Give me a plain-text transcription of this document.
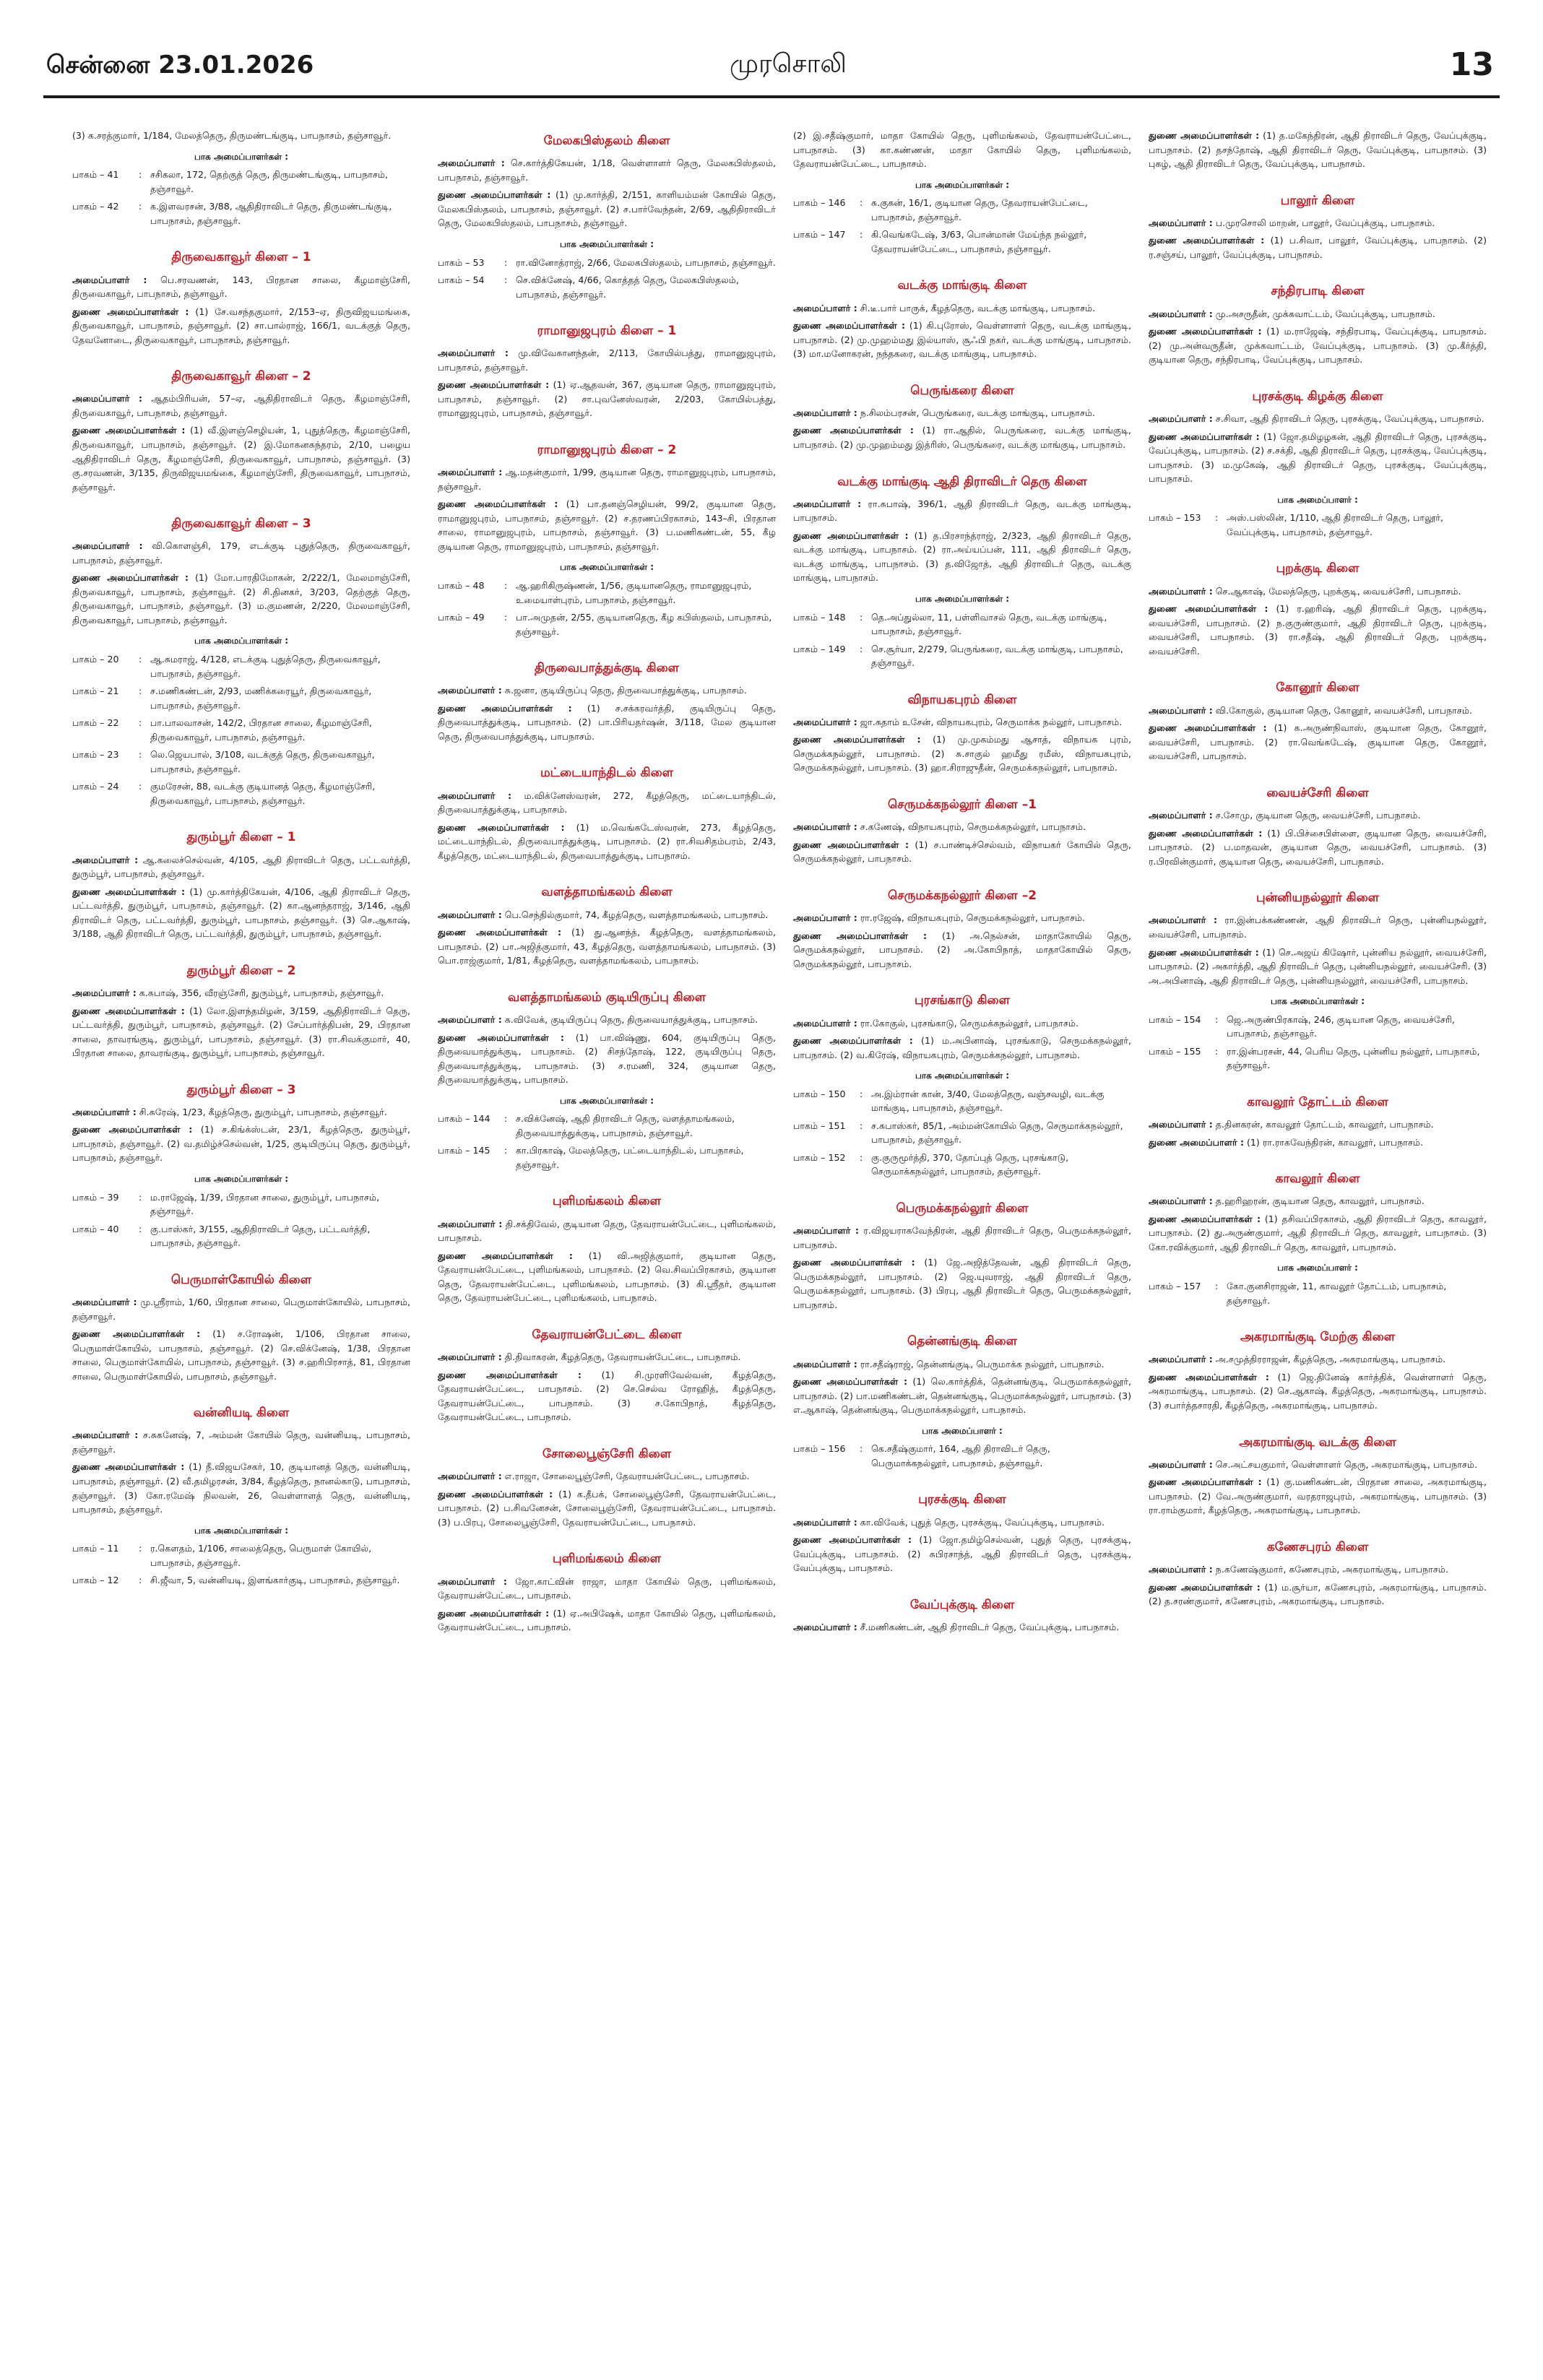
சென்னை 23.01.2026	முரசொலி	13
(3) க.சரத்குமார், 1/184, மேலத்தெரு, திருமண்டங்குடி, பாபநாசம், தஞ்சாவூர்.
பாக அமைப்பாளர்கள் :
பாகம் – 41	: சசிகலா, 172, தெற்குத் தெரு, திருமண்டங்குடி, பாபநாசம், தஞ்சாவூர்.
பாகம் – 42	: க.இளவரசன், 3/88, ஆதிதிராவிடர் தெரு, திருமண்டங்குடி, பாபநாசம், தஞ்சாவூர்.
திருவைகாவூர் கிளை – 1
அமைப்பாளர் : பெ.சரவணன், 143, பிரதான சாலை, கீழமாஞ்சேரி, திருவைகாவூர், பாபநாசம், தஞ்சாவூர்.
துணை அமைப்பாளர்கள் : (1) சே.வசந்தகுமார், 2/153–ஏ, திருவிஜயமங்கை, திருவைகாவூர், பாபநாசம், தஞ்சாவூர். (2) சா.பால்ராஜ், 166/1, வடக்குத் தெரு, தேவனோடை, திருவைகாவூர், பாபநாசம், தஞ்சாவூர்.
திருவைகாவூர் கிளை – 2
அமைப்பாளர் : ஆதம்பிரியன், 57–ஏ, ஆதிதிராவிடர் தெரு, கீழமாஞ்சேரி, திருவைகாவூர், பாபநாசம், தஞ்சாவூர்.
துணை அமைப்பாளர்கள் : (1) வீ.இளஞ்செழியன், 1, புதுத்தெரு, கீழமாஞ்சேரி, திருவைகாவூர், பாபநாசம், தஞ்சாவூர். (2) இ.மோகனசுந்தரம், 2/10, பழைய ஆதிதிராவிடர் தெரு, கீழமாஞ்சேரி, திருவைகாவூர், பாபநாசம், தஞ்சாவூர். (3) கு.சரவணன், 3/135, திருவிஜயமங்கை, கீழமாஞ்சேரி, திருவைகாவூர், பாபநாசம், தஞ்சாவூர்.
திருவைகாவூர் கிளை – 3
அமைப்பாளர் : வி.கொளஞ்சி, 179, எடக்குடி புதுத்தெரு, திருவைகாவூர், பாபநாசம், தஞ்சாவூர்.
துணை அமைப்பாளர்கள் : (1) மோ.பாரதிமோகன், 2/222/1, மேலமாஞ்சேரி, திருவைகாவூர், பாபநாசம், தஞ்சாவூர். (2) சி.தினகர், 3/203, தெற்குத் தெரு, திருவைகாவூர், பாபநாசம், தஞ்சாவூர். (3) ம.குமணன், 2/220, மேலமாஞ்சேரி, திருவைகாவூர், பாபநாசம், தஞ்சாவூர்.
பாக அமைப்பாளர்கள் :
பாகம் – 20	: ஆ.சுமராஜ், 4/128, எடக்குடி புதுத்தெரு, திருவைகாவூர், பாபநாசம், தஞ்சாவூர்.
பாகம் – 21	: ச.மணிகண்டன், 2/93, மணிக்கரையூர், திருவைகாவூர், பாபநாசம், தஞ்சாவூர்.
பாகம் – 22	: பா.பாலவாசன், 142/2, பிரதான சாலை, கீழமாஞ்சேரி, திருவைகாவூர், பாபநாசம், தஞ்சாவூர்.
பாகம் – 23	: லெ.ஜெயபால், 3/108, வடக்குத் தெரு, திருவைகாவூர், பாபநாசம், தஞ்சாவூர்.
பாகம் – 24	: குமரேசன், 88, வடக்கு குடியானத் தெரு, கீழமாஞ்சேரி, திருவைகாவூர், பாபநாசம், தஞ்சாவூர்.
துரும்பூர் கிளை – 1
அமைப்பாளர் : ஆ.கலைச்செல்வன், 4/105, ஆதி திராவிடர் தெரு, பட்டவர்த்தி, துரும்பூர், பாபநாசம், தஞ்சாவூர்.
துணை அமைப்பாளர்கள் : (1) மு.கார்த்திகேயன், 4/106, ஆதி திராவிடர் தெரு, பட்டவர்த்தி, துரும்பூர், பாபநாசம், தஞ்சாவூர். (2) கா.ஆனந்தராஜ், 3/146, ஆதி திராவிடர் தெரு, பட்டவர்த்தி, துரும்பூர், பாபநாசம், தஞ்சாவூர். (3) செ.ஆகாஷ், 3/188, ஆதி திராவிடர் தெரு, பட்டவர்த்தி, துரும்பூர், பாபநாசம், தஞ்சாவூர்.
துரும்பூர் கிளை – 2
அமைப்பாளர் : க.சுபாஷ், 356, வீரஞ்சேரி, துரும்பூர், பாபநாசம், தஞ்சாவூர்.
துணை அமைப்பாளர்கள் : (1) லோ.இளந்தமிழன், 3/159, ஆதிதிராவிடர் தெரு, பட்டவர்த்தி, துரும்பூர், பாபநாசம், தஞ்சாவூர். (2) சேப்பார்த்திபன், 29, பிரதான சாலை, தாவரங்குடி, துரும்பூர், பாபநாசம், தஞ்சாவூர். (3) ரா.சிவக்குமார், 40, பிரதான சாலை, தாவரங்குடி, துரும்பூர், பாபநாசம், தஞ்சாவூர்.
துரும்பூர் கிளை – 3
அமைப்பாளர் : சி.சுரேஷ், 1/23, கீழத்தெரு, துரும்பூர், பாபநாசம், தஞ்சாவூர்.
துணை அமைப்பாளர்கள் : (1) ச.கிங்க்ஸ்டன், 23/1, கீழத்தெரு, துரும்பூர், பாபநாசம், தஞ்சாவூர். (2) வ.தமிழ்ச்செல்வன், 1/25, குடியிருப்பு தெரு, துரும்பூர், பாபநாசம், தஞ்சாவூர்.
பாக அமைப்பாளர்கள் :
பாகம் – 39	: ம.ராஜேஷ், 1/39, பிரதான சாலை, துரும்பூர், பாபநாசம், தஞ்சாவூர்.
பாகம் – 40	: கு.பாஸ்கர், 3/155, ஆதிதிராவிடர் தெரு, பட்டவர்த்தி, பாபநாசம், தஞ்சாவூர்.
பெருமாள்கோயில் கிளை
அமைப்பாளர் : மு.ஸ்ரீராம், 1/60, பிரதான சாலை, பெருமாள்கோயில், பாபநாசம், தஞ்சாவூர்.
துணை அமைப்பாளர்கள் : (1) ச.ரோஷன், 1/106, பிரதான சாலை, பெருமாள்கோயில், பாபநாசம், தஞ்சாவூர். (2) செ.விக்னேஷ், 1/38, பிரதான சாலை, பெருமாள்கோயில், பாபநாசம், தஞ்சாவூர். (3) ச.ஹரிபிரசாத், 81, பிரதான சாலை, பெருமாள்கோயில், பாபநாசம், தஞ்சாவூர்.
வன்னியடி கிளை
அமைப்பாளர் : ச.சுகனேஷ், 7, அம்மன் கோயில் தெரு, வன்னியடி, பாபநாசம், தஞ்சாவூர்.
துணை அமைப்பாளர்கள் : (1) நீ.விஜயசேகர், 10, குடியானத் தெரு, வன்னியடி, பாபநாசம், தஞ்சாவூர். (2) வீ.தமிழரசன், 3/84, கீழத்தெரு, நானல்காடு, பாபநாசம், தஞ்சாவூர். (3) கோ.ரமேஷ் நிலவன், 26, வெள்ளாளத் தெரு, வன்னியடி, பாபநாசம், தஞ்சாவூர்.
பாக அமைப்பாளர்கள் :
பாகம் – 11	: ர.கௌதம், 1/106, சாலைத்தெரு, பெருமாள் கோயில், பாபநாசம், தஞ்சாவூர்.
பாகம் – 12	: சி.ஜீவா, 5, வன்னியடி, இளங்கார்குடி, பாபநாசம், தஞ்சாவூர்.
மேலகபிஸ்தலம் கிளை
அமைப்பாளர் : செ.கார்த்திகேயன், 1/18, வெள்ளாளர் தெரு, மேலகபிஸ்தலம், பாபநாசம், தஞ்சாவூர்.
துணை அமைப்பாளர்கள் : (1) மு.கார்த்தி, 2/151, காளியம்மன் கோயில் தெரு, மேலகபிஸ்தலம், பாபநாசம், தஞ்சாவூர். (2) ச.பார்வேந்தன், 2/69, ஆதிதிராவிடர் தெரு, மேலகபிஸ்தலம், பாபநாசம், தஞ்சாவூர்.
பாக அமைப்பாளர்கள் :
பாகம் – 53	: ரா.வினோத்ராஜ், 2/66, மேலகபிஸ்தலம், பாபநாசம், தஞ்சாவூர்.
பாகம் – 54	: செ.விக்னேஷ், 4/66, கொத்தத் தெரு, மேலகபிஸ்தலம், பாபநாசம், தஞ்சாவூர்.
ராமானுஜபுரம் கிளை – 1
அமைப்பாளர் : மு.விவேகானந்தன், 2/113, கோயில்பத்து, ராமானுஜபுரம், பாபநாசம், தஞ்சாவூர்.
துணை அமைப்பாளர்கள் : (1) ஏ.ஆதவன், 367, குடியான தெரு, ராமானுஜபுரம், பாபநாசம், தஞ்சாவூர். (2) சா.புவனேஸ்வரன், 2/203, கோயில்பத்து, ராமானுஜபுரம், பாபநாசம், தஞ்சாவூர்.
ராமானுஜபுரம் கிளை – 2
அமைப்பாளர் : ஆ.மதன்குமார், 1/99, குடியான தெரு, ராமானுஜபுரம், பாபநாசம், தஞ்சாவூர்.
துணை அமைப்பாளர்கள் : (1) பா.தனஞ்செழியன், 99/2, குடியான தெரு, ராமானுஜபுரம், பாபநாசம், தஞ்சாவூர். (2) ச.தரணப்பிரகாசம், 143–சி, பிரதான சாலை, ராமானுஜபுரம், பாபநாசம், தஞ்சாவூர். (3) ப.மணிகண்டன், 55, கீழ குடியான தெரு, ராமானுஜபுரம், பாபநாசம், தஞ்சாவூர்.
பாக அமைப்பாளர்கள் :
பாகம் – 48	: ஆ.ஹரிகிருஷ்ணன், 1/56, குடியானதெரு, ராமானுஜபுரம், உமையாள்புரம், பாபநாசம், தஞ்சாவூர்.
பாகம் – 49	: பா.அமுதன், 2/55, குடியானதெரு, கீழ கபிஸ்தலம், பாபநாசம், தஞ்சாவூர்.
திருவைபாத்துக்குடி கிளை
அமைப்பாளர் : சு.ஜனா, குடியிருப்பு தெரு, திருவைபாத்துக்குடி, பாபநாசம்.
துணை அமைப்பாளர்கள் : (1) ச.சக்கரவர்த்தி, குடியிருப்பு தெரு, திருவைபாத்துக்குடி, பாபநாசம். (2) பா.பிரியதர்ஷன், 3/118, மேல குடியான தெரு, திருவைபாத்துக்குடி, பாபநாசம்.
மட்டையாந்திடல் கிளை
அமைப்பாளர் : ம.விக்னேஸ்வரன், 272, கீழத்தெரு, மட்டையாந்திடல், திருவைபாத்துக்குடி, பாபநாசம்.
துணை அமைப்பாளர்கள் : (1) ம.வெங்கடேஸ்வரன், 273, கீழத்தெரு, மட்டையாந்திடல், திருவைபாத்துக்குடி, பாபநாசம். (2) ரா.சிவசிதம்பரம், 2/43, கீழத்தெரு, மட்டையாந்திடல், திருவைபாத்துக்குடி, பாபநாசம்.
வளத்தாமங்கலம் கிளை
அமைப்பாளர் : பெ.செந்தில்குமார், 74, கீழத்தெரு, வளத்தாமங்கலம், பாபநாசம்.
துணை அமைப்பாளர்கள் : (1) து.ஆனந்த், கீழத்தெரு, வளத்தாமங்கலம், பாபநாசம். (2) பா.அஜித்குமார், 43, கீழத்தெரு, வளத்தாமங்கலம், பாபநாசம். (3) பொ.ராஜ்குமார், 1/81, கீழத்தெரு, வளத்தாமங்கலம், பாபநாசம்.
வளத்தாமங்கலம் குடியிருப்பு கிளை
அமைப்பாளர் : க.விவேக், குடியிருப்பு தெரு, திருவையாத்துக்குடி, பாபநாசம்.
துணை அமைப்பாளர்கள் : (1) பா.விஷ்ணு, 604, குடியிருப்பு தெரு, திருவையாத்துக்குடி, பாபநாசம். (2) சிசந்தோஷ், 122, குடியிருப்பு தெரு, திருவையாத்துக்குடி, பாபநாசம். (3) ச.ரமணி, 324, குடியான தெரு, திருவையாத்துக்குடி, பாபநாசம்.
பாக அமைப்பாளர்கள் :
பாகம் – 144	: ச.விக்னேஷ், ஆதி திராவிடர் தெரு, வளத்தாமங்கலம், திருவையாத்துக்குடி, பாபநாசம், தஞ்சாவூர்.
பாகம் – 145	: கா.பிரகாஷ், மேலத்தெரு, பட்டையாந்திடல், பாபநாசம், தஞ்சாவூர்.
புளிமங்கலம் கிளை
அமைப்பாளர் : தி.சக்திவேல், குடியான தெரு, தேவராயன்பேட்டை, புளிமங்கலம், பாபநாசம்.
துணை அமைப்பாளர்கள் : (1) வி.அஜித்குமார், குடியான தெரு, தேவராயன்பேட்டை, புளிமங்கலம், பாபநாசம். (2) வெ.சிவப்பிரகாசம், குடியான தெரு, தேவராயன்பேட்டை, புளிமங்கலம், பாபநாசம். (3) கி.ஸ்ரீதர், குடியான தெரு, தேவராயன்பேட்டை, புளிமங்கலம், பாபநாசம்.
தேவராயன்பேட்டை கிளை
அமைப்பாளர் : தி.திவாகரன், கீழத்தெரு, தேவராயன்பேட்டை, பாபநாசம்.
துணை அமைப்பாளர்கள் : (1) சி.முரளிவேல்வன், கீழத்தெரு, தேவராயன்பேட்டை, பாபநாசம். (2) செ.செல்வ ரோஹித், கீழத்தெரு, தேவராயன்பேட்டை, பாபநாசம். (3) ச.கோபிநாத், கீழத்தெரு, தேவராயன்பேட்டை, பாபநாசம்.
சோலைபூஞ்சேரி கிளை
அமைப்பாளர் : எ.ராஜா, சோலைபூஞ்சேரி, தேவராயன்பேட்டை, பாபநாசம்.
துணை அமைப்பாளர்கள் : (1) க.தீபக், சோலைபூஞ்சேரி, தேவராயன்பேட்டை, பாபநாசம். (2) ப.சிவனேசன், சோலைபூஞ்சேரி, தேவராயன்பேட்டை, பாபநாசம். (3) ப.பிரபு, சோலைபூஞ்சேரி, தேவராயன்பேட்டை, பாபநாசம்.
புளிமங்கலம் கிளை
அமைப்பாளர் : ஜோ.காட்வின் ராஜா, மாதா கோயில் தெரு, புளிமங்கலம், தேவராயன்பேட்டை, பாபநாசம்.
துணை அமைப்பாளர்கள் : (1) ஏ.அபிஷேக், மாதா கோயில் தெரு, புளிமங்கலம், தேவராயன்பேட்டை, பாபநாசம்.
(2) இ.சதீஷ்குமார், மாதா கோயில் தெரு, புளிமங்கலம், தேவராயன்பேட்டை, பாபநாசம். (3) கா.கண்ணன், மாதா கோயில் தெரு, புளிமங்கலம், தேவராயன்பேட்டை, பாபநாசம்.
பாக அமைப்பாளர்கள் :
பாகம் – 146	: சு.குகன், 16/1, குடியான தெரு, தேவராயன்பேட்டை, பாபநாசம், தஞ்சாவூர்.
பாகம் – 147	: கி.வெங்கடேஷ், 3/63, பொன்மான் மேய்ந்த நல்லூர், தேவராயன்பேட்டை, பாபநாசம், தஞ்சாவூர்.
வடக்கு மாங்குடி கிளை
அமைப்பாளர் : சி.டீ.பார் பாருக், கீழத்தெரு, வடக்கு மாங்குடி, பாபநாசம்.
துணை அமைப்பாளர்கள் : (1) கி.புரோஸ், வெள்ளாளர் தெரு, வடக்கு மாங்குடி, பாபநாசம். (2) மு.முஹம்மது இல்யாஸ், சூஃபி நகர், வடக்கு மாங்குடி, பாபநாசம். (3) மா.மனோகரன், நந்தகரை, வடக்கு மாங்குடி, பாபநாசம்.
பெருங்கரை கிளை
அமைப்பாளர் : ந.சிலம்பரசன், பெருங்கரை, வடக்கு மாங்குடி, பாபநாசம்.
துணை அமைப்பாளர்கள் : (1) ரா.ஆதில், பெருங்கரை, வடக்கு மாங்குடி, பாபநாசம். (2) மு.முஹம்மது இத்ரிஸ், பெருங்கரை, வடக்கு மாங்குடி, பாபநாசம்.
வடக்கு மாங்குடி ஆதி திராவிடர் தெரு கிளை
அமைப்பாளர் : ரா.சுபாஷ், 396/1, ஆதி திராவிடர் தெரு, வடக்கு மாங்குடி, பாபநாசம்.
துணை அமைப்பாளர்கள் : (1) த.பிரசாந்த்ராஜ், 2/323, ஆதி திராவிடர் தெரு, வடக்கு மாங்குடி, பாபநாசம். (2) ரா.அய்யப்பன், 111, ஆதி திராவிடர் தெரு, வடக்கு மாங்குடி, பாபநாசம். (3) த.விஜோத், ஆதி திராவிடர் தெரு, வடக்கு மாங்குடி, பாபநாசம்.
பாக அமைப்பாளர்கள் :
பாகம் – 148	: தெ.அப்துல்லா, 11, பள்ளிவாசல் தெரு, வடக்கு மாங்குடி, பாபநாசம், தஞ்சாவூர்.
பாகம் – 149	: செ.சூர்யா, 2/279, பெருங்கரை, வடக்கு மாங்குடி, பாபநாசம், தஞ்சாவூர்.
விநாயகபுரம் கிளை
அமைப்பாளர் : ஜா.சுதாம் உசேன், விநாயகபுரம், செருமாக்க நல்லூர், பாபநாசம்.
துணை அமைப்பாளர்கள் : (1) மு.முகம்மது ஆசாத், விநாயக புரம், செருமக்கநல்லூர், பாபநாசம். (2) சு.சாகுல் ஹமீது ரமீஸ், விநாயகபுரம், செருமக்கநல்லூர், பாபநாசம். (3) ஹா.சிராஜுதீன், செருமக்கநல்லூர், பாபநாசம்.
செருமக்கநல்லூர் கிளை –1
அமைப்பாளர் : ச.கணேஷ், விநாயகபுரம், செருமக்கநல்லூர், பாபநாசம்.
துணை அமைப்பாளர்கள் : (1) ச.பாண்டிச்செல்வம், விநாயகர் கோயில் தெரு, செருமக்கநல்லூர், பாபநாசம்.
செருமக்கநல்லூர் கிளை –2
அமைப்பாளர் : ரா.ரஜேஷ், விநாயகபுரம், செருமக்கநல்லூர், பாபநாசம்.
துணை அமைப்பாளர்கள் : (1) அ.நெல்சன், மாதாகோயில் தெரு, செருமக்கநல்லூர், பாபநாசம். (2) அ.கோபிநாத், மாதாகோயில் தெரு, செருமக்கநல்லூர், பாபநாசம்.
புரசங்காடு கிளை
அமைப்பாளர் : ரா.கோகுல், புரசங்காடு, செருமக்கநல்லூர், பாபநாசம்.
துணை அமைப்பாளர்கள் : (1) ம.அபினாஷ், புரசங்காடு, செருமக்கநல்லூர், பாபநாசம். (2) வ.கிரேஷ், விநாயகபுரம், செருமக்கநல்லூர், பாபநாசம்.
பாக அமைப்பாளர்கள் :
பாகம் – 150	: அ.இம்ரான் கான், 3/40, மேலத்தெரு, வஞ்சவழி, வடக்கு மாங்குடி, பாபநாசம், தஞ்சாவூர்.
பாகம் – 151	: ச.சுபாஸ்கர், 85/1, அம்மன்கோயில் தெரு, செருமாக்கநல்லூர், பாபநாசம், தஞ்சாவூர்.
பாகம் – 152	: கு.குருமூர்த்தி, 370, தோப்புத் தெரு, புரசங்காடு, செருமாக்கநல்லூர், பாபநாசம், தஞ்சாவூர்.
பெருமக்கநல்லூர் கிளை
அமைப்பாளர் : ர.விஜயராகவேந்திரன், ஆதி திராவிடர் தெரு, பெருமக்கநல்லூர், பாபநாசம்.
துணை அமைப்பாளர்கள் : (1) ஜே.அஜித்தேவன், ஆதி திராவிடர் தெரு, பெருமக்கநல்லூர், பாபநாசம். (2) ஜெ.யுவராஜ், ஆதி திராவிடர் தெரு, பெருமக்கநல்லூர், பாபநாசம். (3) பிரபு, ஆதி திராவிடர் தெரு, பெருமக்கநல்லூர், பாபநாசம்.
தென்னங்குடி கிளை
அமைப்பாளர் : ரா.சதீஷ்ராஜ், தென்னங்குடி, பெருமாக்க நல்லூர், பாபநாசம்.
துணை அமைப்பாளர்கள் : (1) லெ.கார்த்திக், தென்னங்குடி, பெருமாக்கநல்லூர், பாபநாசம். (2) பா.மணிகண்டன், தென்னங்குடி, பெருமாக்கநல்லூர், பாபநாசம். (3) எ.ஆகாஷ், தென்னங்குடி, பெருமாக்கநல்லூர், பாபநாசம்.
பாக அமைப்பாளர் :
பாகம் – 156	: கெ.சதீஷ்குமார், 164, ஆதி திராவிடர் தெரு, பெருமாக்கநல்லூர், பாபநாசம், தஞ்சாவூர்.
புரசக்குடி கிளை
அமைப்பாளர் : கா.விவேக், புதுத் தெரு, புரசக்குடி, வேப்புக்குடி, பாபநாசம்.
துணை அமைப்பாளர்கள் : (1) ஜோ.தமிழ்செல்வன், புதுத் தெரு, புரசக்குடி, வேப்புக்குடி, பாபநாசம். (2) சுபிரசாந்த், ஆதி திராவிடர் தெரு, புரசக்குடி, வேப்புக்குடி, பாபநாசம்.
வேப்புக்குடி கிளை
அமைப்பாளர் : சீ.மணிகண்டன், ஆதி திராவிடர் தெரு, வேப்புக்குடி, பாபநாசம்.
துணை அமைப்பாளர்கள் : (1) த.மகேந்திரன், ஆதி திராவிடர் தெரு, வேப்புக்குடி, பாபநாசம். (2) தசந்தோஷ், ஆதி திராவிடர் தெரு, வேப்புக்குடி, பாபநாசம். (3) புகழ், ஆதி திராவிடர் தெரு, வேப்புக்குடி, பாபநாசம்.
பாலூர் கிளை
அமைப்பாளர் : ப.முரசொலி மாறன், பாலூர், வேப்புக்குடி, பாபநாசம்.
துணை அமைப்பாளர்கள் : (1) ப.சிவா, பாலூர், வேப்புக்குடி, பாபநாசம். (2) ர.சஞ்சய், பாலூர், வேப்புக்குடி, பாபநாசம்.
சந்திரபாடி கிளை
அமைப்பாளர் : மு.அசருதீன், முக்கவாட்டம், வேப்புக்குடி, பாபநாசம்.
துணை அமைப்பாளர்கள் : (1) ம.ராஜேஷ், சந்திரபாடி, வேப்புக்குடி, பாபநாசம். (2) மு.அன்வருதீன், முக்கவாட்டம், வேப்புக்குடி, பாபநாசம். (3) மு.கீர்த்தி, குடியான தெரு, சந்திரபாடி, வேப்புக்குடி, பாபநாசம்.
புரசக்குடி கிழக்கு கிளை
அமைப்பாளர் : ச.சிவா, ஆதி திராவிடர் தெரு, புரசக்குடி, வேப்புக்குடி, பாபநாசம்.
துணை அமைப்பாளர்கள் : (1) ஜோ.தமிழழகன், ஆதி திராவிடர் தெரு, புரசக்குடி, வேப்புக்குடி, பாபநாசம். (2) ச.சக்தி, ஆதி திராவிடர் தெரு, புரசக்குடி, வேப்புக்குடி, பாபநாசம். (3) ம.முகேஷ், ஆதி திராவிடர் தெரு, புரசக்குடி, வேப்புக்குடி, பாபநாசம்.
பாக அமைப்பாளர் :
பாகம் – 153	: அஸ்.பஸ்லின், 1/110, ஆதி திராவிடர் தெரு, பாலூர், வேப்புக்குடி, பாபநாசம், தஞ்சாவூர்.
புறக்குடி கிளை
அமைப்பாளர் : செ.ஆகாஷ், மேலத்தெரு, புறக்குடி, வையச்சேரி, பாபநாசம்.
துணை அமைப்பாளர்கள் : (1) ர.ஹரிஷ், ஆதி திராவிடர் தெரு, புறக்குடி, வையச்சேரி, பாபநாசம். (2) ந.குருண்குமார், ஆதி திராவிடர் தெரு, புறக்குடி, வையச்சேரி, பாபநாசம். (3) ரா.சதீஷ், ஆதி திராவிடர் தெரு, புறக்குடி, வையச்சேரி.
கோனூர் கிளை
அமைப்பாளர் : வி.கோகுல், குடியான தெரு, கோனூர், வையச்சேரி, பாபநாசம்.
துணை அமைப்பாளர்கள் : (1) க.அருண்நிவாஸ், குடியான தெரு, கோனூர், வையச்சேரி, பாபநாசம். (2) ரா.வெங்கடேஷ், குடியான தெரு, கோனூர், வையச்சேரி, பாபநாசம்.
வையச்சேரி கிளை
அமைப்பாளர் : ச.சோமு, குடியான தெரு, வையச்சேரி, பாபநாசம்.
துணை அமைப்பாளர்கள் : (1) பி.பிச்சைபிள்ளை, குடியான தெரு, வையச்சேரி, பாபநாசம். (2) ப.மாதவன், குடியான தெரு, வையச்சேரி, பாபநாசம். (3) ர.பிரவின்குமார், குடியான தெரு, வையச்சேரி, பாபநாசம்.
புன்னியநல்லூர் கிளை
அமைப்பாளர் : ரா.இன்பக்கண்ணன், ஆதி திராவிடர் தெரு, புன்னியநல்லூர், வையச்சேரி, பாபநாசம்.
துணை அமைப்பாளர்கள் : (1) செ.அஜய் கிஷோர், புன்னிய நல்லூர், வையச்சேரி, பாபநாசம். (2) அகார்த்தி, ஆதி திராவிடர் தெரு, புன்னியநல்லூர், வையச்சேரி. (3) அ.அபினாஷ், ஆதி திராவிடர் தெரு, புன்னியநல்லூர், வையச்சேரி, பாபநாசம்.
பாக அமைப்பாளர்கள் :
பாகம் – 154	: ஜெ.அருண்பிரகாஷ், 246, குடியான தெரு, வையச்சேரி, பாபநாசம், தஞ்சாவூர்.
பாகம் – 155	: ரா.இன்பரசன், 44, பெரிய தெரு, புன்னிய நல்லூர், பாபநாசம், தஞ்சாவூர்.
காவலூர் தோட்டம் கிளை
அமைப்பாளர் : த.தினகரன், காவலூர் தோட்டம், காவலூர், பாபநாசம்.
துணை அமைப்பாளர் : (1) ரா.ராகவேந்திரன், காவலூர், பாபநாசம்.
காவலூர் கிளை
அமைப்பாளர் : த.ஹரிஹரன், குடியான தெரு, காவலூர், பாபநாசம்.
துணை அமைப்பாளர்கள் : (1) தசிவப்பிரகாசம், ஆதி திராவிடர் தெரு, காவலூர், பாபநாசம். (2) து.அருண்குமார், ஆதி திராவிடர் தெரு, காவலூர், பாபநாசம். (3) கோ.ரவிக்குமார், ஆதி திராவிடர் தெரு, காவலூர், பாபநாசம்.
பாக அமைப்பாளர் :
பாகம் – 157	: கோ.குனசிராஜன், 11, காவலூர் தோட்டம், பாபநாசம், தஞ்சாவூர்.
அகரமாங்குடி மேற்கு கிளை
அமைப்பாளர் : அ.சமுத்திரராஜன், கீழத்தெரு, அகரமாங்குடி, பாபநாசம்.
துணை அமைப்பாளர்கள் : (1) ஜெ.தினேஷ் கார்த்திக், வெள்ளாளர் தெரு, அகரமாங்குடி, பாபநாசம். (2) செ.ஆகாஷ், கீழத்தெரு, அகரமாங்குடி, பாபநாசம். (3) சபார்த்தசாரதி, கீழத்தெரு, அகரமாங்குடி, பாபநாசம்.
அகரமாங்குடி வடக்கு கிளை
அமைப்பாளர் : செ.அட்சயகுமார், வெள்ளாளர் தெரு, அகரமாங்குடி, பாபநாசம்.
துணை அமைப்பாளர்கள் : (1) கு.மணிகண்டன், பிரதான சாலை, அகரமாங்குடி, பாபநாசம். (2) வே.அருண்குமார், வரதராஜபுரம், அகரமாங்குடி, பாபநாசம். (3) ரா.ராம்குமார், கீழத்தெரு, அகரமாங்குடி, பாபநாசம்.
கணேசபுரம் கிளை
அமைப்பாளர் : ந.கணேஷ்குமார், கணேசபுரம், அகரமாங்குடி, பாபநாசம்.
துணை அமைப்பாளர்கள் : (1) ம.சூர்யா, கணேசபுரம், அகரமாங்குடி, பாபநாசம். (2) த.சரண்குமார், கணேசபுரம், அகரமாங்குடி, பாபநாசம்.
